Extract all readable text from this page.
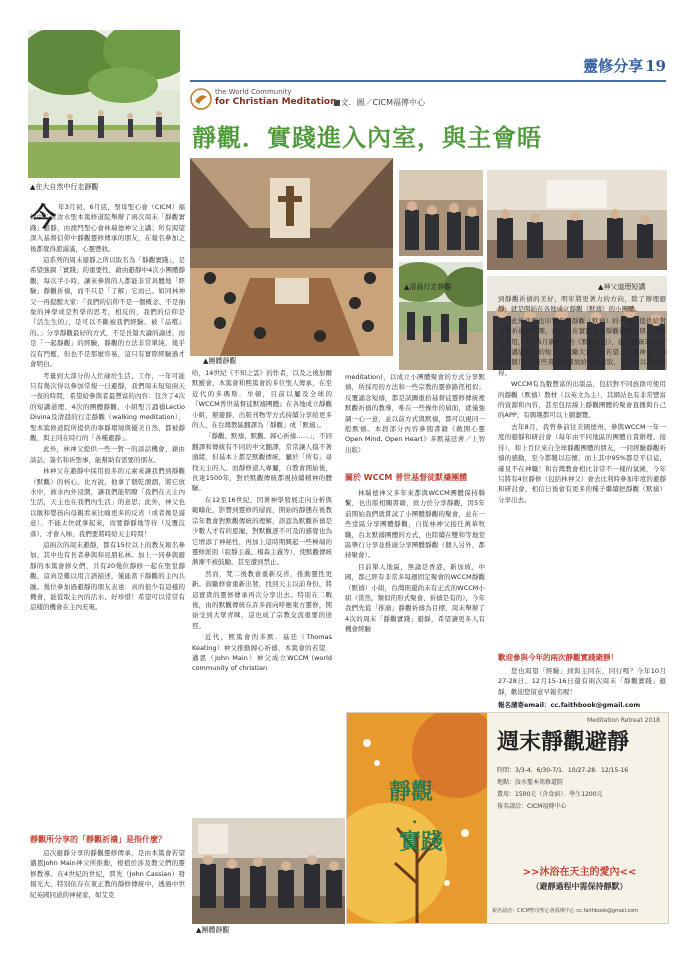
靈修分享 19
the World Community
for Christian Meditation
■文．圖／CICM福傳中心
靜觀．實踐進入內室，與主會晤
▲在大自然中行走靜觀
▲團體靜觀
▲清晨行走靜觀	▲神父道理短講
今 年3月初、6月底，聖母聖心會（CICM）福傳中心在汝水聖本篤修道院舉辦了兩次周末「靜觀實踐」避靜，由澳門聖心會林瑞德神父主講；所有渴望深入基督信仰中靜觀靈修傳承的朋友，在報名參加之後都覺得愿滿滿，心靈豐收。

這系列的周末避靜之所以取名為「靜觀實踐」，是希望強調「實踐」的重要性，藉由避靜中4次小團體靜觀，每次半小時，讓來參與的人都能非常具體地「經驗」靜觀祈禱，而不只是「了解」它而已。如同林神父一再提醒大家：「我們的信仰不是一個概念、不是抽象的神學或是哲學的思考，相反的，我們的信仰是『活生生的』，是可以不斷被我們經驗、被『品嚐』的。」分享靜觀最好的方式，不是長篇大論的論述，而是「一起靜觀」的經驗，靜觀的方法非常單純，幾乎沒有門檻，但也不是那麼容易，這只有實際經驗過才會明白。

考量到大部分的人忙碌於生活、工作，一年可能只有幾次得以參加常規一日避靜，我們周末短短兩天一夜的時間，希望給參與者最豐富的內容：包含了4次的短講道理、4次的團體靜觀、小組聖言誦禱Lectio Divina及清晨的行走靜觀（walking meditation），聖本篤修道院所提供的寧靜環境與優美自然，都被靜觀、與主同在時行的「各種避靜」。

此外，林神父提供一些一對一的談話機會，藉由談話、簽名和祈聖事，能幫助有需要的朋友。

林神父在避靜中採用很多的元素來讓我們到靜觀（默觀）的核心。比方說，他拿了個乾涸涸，將它放水中，被水內外浸潤，讓我們能明瞭「我們在天主內生活，天主也在我們內生活」的意思；此外，神父也以飯和嬰孩向母親看來比喻更多的反省（或者像是滿意）、不能太快就拿起來，而要靜靜地等待（反覆沒落），才會入味，我們要將時給天主時間！

這兩次的周末避靜，都有15位以上的教友報名參加，其中也有長者參與和見朋私林。加上一同參與避靜的本篤會修女們，共有20幾位靜修一起在聖堂靜觀，這真是難以用言語描述，僅能當下靜觀的主內共融。幾位參加過避靜的朋友表達：真的很少有這樣的機會，能從取主內的活水、好珍惜！希望可以常常有這樣的機會在主內充電。

靜觀所分享的「靜觀祈禱」是指什麼？

這次避靜分享的靜觀靈修傳承，是由本篤會若望邁恩John Main神父所推動，根植於涉及教父們的靈修教導。在4世紀的世紀，賈先（John Cassian）發揚光大，特別依存在東正教的靜修傳統中，透過中世紀英國同道的神秘家，如艾克

哈，14世紀《不知之雲》的作者，以及之後加爾默羅會、本篤會和熙篤會的多位聖人傳承，在至近代的多瑪斯．牟頓，目前以屬及全球的『WCCM普世基督徒默禱團體』在各地成立靜觀小組，辦避靜，出版刊物等方式持續分享給更多的人，在台灣教區翻譯為「靜觀」或「默禱」。

「靜觀、默禱、默觀、歸心祈禱……」，不同翻譯和傳統有不同的中文翻譯，常常讓人摸不著頭緒，但基本上都是默觀傳統，屬於「所有」尋找天主的人。而靜修道人專屬，自教會開始後，長達1500年，對於默觀傳統都視持續精神的體驗。

在12至16世紀，因著神學發展走向分析與範疇化，影響到靈修的層面，開始的靜態在後教宗年教會對默觀傳統的理解，誤認為默觀祈禱是少數人才有的恩寵，對默觀逐不可及的感覺也為它增添了神秘性，再加上這時期興起一些極端的靈修派別（寂靜主義、楊森主義等），使默觀傳統漸漸不被鼓勵，甚至遭到禁止。

然而，梵二後教會重新反省，推動靈性更新。鼓勵修會重新出發，找回天主以前身份，將這寶貴的靈修傳承再次分享出去。特別在二戰後，由的默觀傳統在許多面向呼應東方靈修，開始受到大眾青睞，這也成了宗教交流重要的途徑。

近代，熙篤會的多默．基廷（Thomas Keating）神父推動歸心祈禱，本篤會的若望．邁恩（John Main）神父成立WCCM (world community of christian

▲團體靜觀

meditation)，以成立小團體聚會的方式分享默禱，所採用的方法和一些宗教的靈修路徑相似；反覆誦念短禱，都是試圖重拾基督徒靈修傳統裡默觀祈禱的教導，唯在一些操作的層面，就僅強調一心一意，並以前方式與默禱，都可以視同一般默禱。本段部分內容參閱書籍《敞開心靈Open Mind, Open Heart》多默基廷著／上智出版）

關於 WCCM 普世基督徒默禱團體

林瑞德神父多年來都與WCCM團體保持聯繫，也出版相關書籍，致力於分享靜觀，因5年前開始我們就嘗試了小團體靜觀的聚會，並在一些堂區分享團體靜觀，自從林神父接任萬華牧職，台北默禱團體的方式，也陸續在雙和等地堂區舉行分享並推廣分享團體靜觀（個人另外，都持聚會）。

目前單人地區，無論是香港、新加坡、中國，都已經有非常多每週固定聚會的WCCM靜觀（默禱）小組，台灣則還尚未有正式的WCCM小組（當然，類似的形式聚會、祈禱是有的），今年我們先從「推廣」靜觀祈禱為目標，周末舉辦了4次的周末「靜觀實踐」避靜，希望讓更多人有機會經驗

到靜觀祈禱的美好，明年將更著力的方向，除了辦理避靜，就是開始在各地成立靜觀（默禱）的小團體。

此外我們也印製若干靜觀（默禱）的小冊，提供給對靜觀祈禱有興趣，或是已在實踐每日靜觀祈禱的朋友們參考使用，今年5月新出刊的《默禱日日》，就是收錄31篇若望．邁恩神父的短文，鼓勵大家「和若望．邁恩神父一同靜觀個月」，這些書刊都開放給大家索取，並自由以香款取得。

WCCM有為數豐富的出版品，包括對不同族群可使用的靜觀（默禱）教材（以英文為主），其網站也有非常豐富的資源和內容，甚至包括線上靜觀團體的聚會直播與自己的APP，有興趣都可以上網瀏覽。

去年8月，我曾參前往美國德州，參與WCCM一年一度的避靜和研討會（每年由不同地區的團體自責辦理、接待），和上百位來自全球靜觀團體的朋友，一同經驗靜觀祈禱的感動，至今都難以忘懷，而上其中95%都是平信徒，確見不在神職！和台灣教會相比非常不一樣的氣圍，今年只將有4位靜修（包括林神父）會去比利時參加年度的避靜和研討會，相信日後會有更多的種子繼續把靜觀（默禱）分享出去。

歡迎參與今年的兩次靜觀實踐避靜！

您也渴望「經驗」到與主同在，同行嗎？今年10月27-28日、12月15-16日還有兩次周末「靜觀實踐」避靜，歡迎您留意早報名喔！

報名請寄email：cc.faithbook@gmail.com
靜觀
．
實踐
Meditation Retreat 2018
週末靜觀避靜
時間：3/3-4．6/30-7/1．10/27-28．12/15-16
地點：汝水聖本篤修道院
費用：1500元（含食宿）．學生1200元
報名請洽：CICM福傳中心
>>沐浴在天主的愛內<<
（避靜過程中需保持靜默）
報名請洽：CICM聖母聖心會福傳中心 cc.faithbook@gmail.com
